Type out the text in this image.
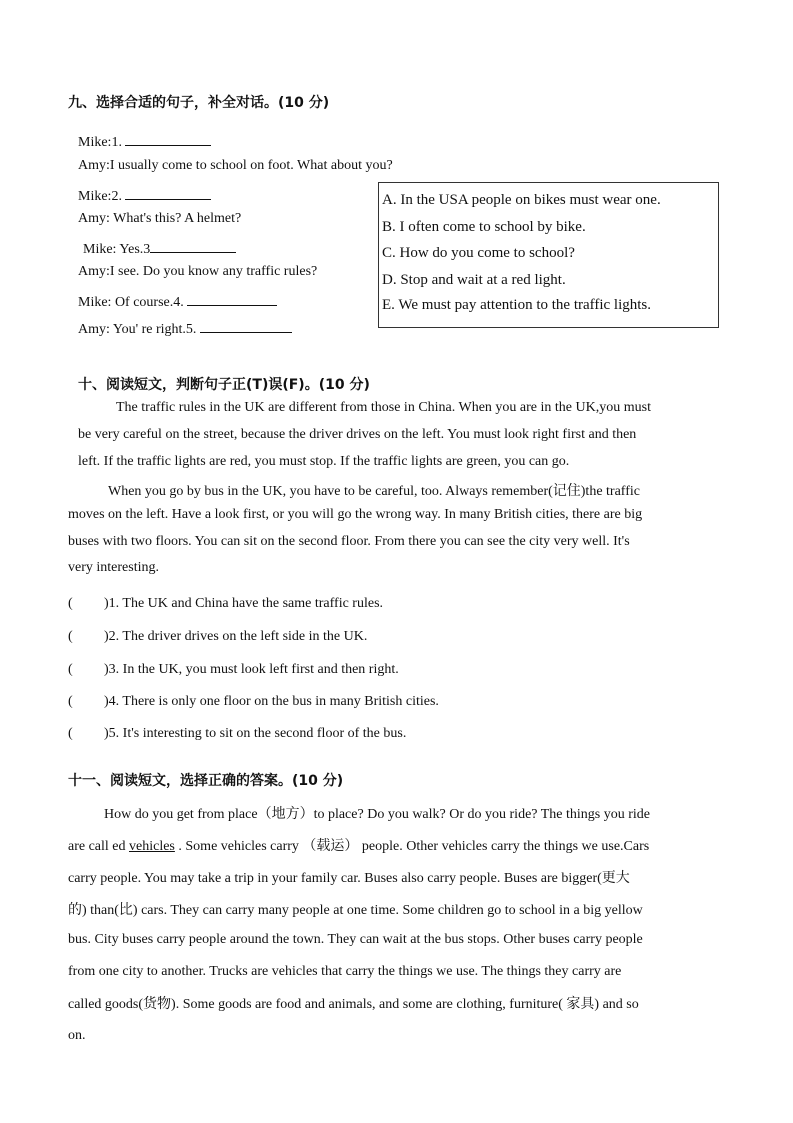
九、选择合适的句子，补全对话。(10 分)
Mike:1.
Amy:I usually come to school on foot. What about you?
Mike:2.
Amy: What's this? A helmet?
Mike: Yes.3
Amy:I see. Do you know any traffic rules?
Mike: Of course.4.
Amy: You' re right.5.
A. In the USA people on bikes must wear one.
B. I often come to school by bike.
C. How do you come to school?
D. Stop and wait at a red light.
E. We must pay attention to the traffic lights.
十、阅读短文，判断句子正(T)误(F)。(10 分)
The traffic rules in the UK are different from those in China. When you are in the UK,you must
be very careful on the street, because the driver drives on the left. You must look right first and then
left. If the traffic lights are red, you must stop. If the traffic lights are green, you can go.
When you go by bus in the UK, you have to be careful, too. Always remember(记住)the traffic
moves on the left. Have a look first, or you will go the wrong way. In many British cities, there are big
buses with two floors. You can sit on the second floor. From there you can see the city very well. It's
very interesting.
( )1. The UK and China have the same traffic rules.
( )2. The driver drives on the left side in the UK.
( )3. In the UK, you must look left first and then right.
( )4. There is only one floor on the bus in many British cities.
( )5. It's interesting to sit on the second floor of the bus.
十一、阅读短文，选择正确的答案。(10 分)
How do you get from place（地方）to place? Do you walk? Or do you ride? The things you ride
are call ed vehicles . Some vehicles carry （载运） people. Other vehicles carry the things we use.Cars
carry people. You may take a trip in your family car. Buses also carry people. Buses are bigger(更大
的) than(比) cars. They can carry many people at one time. Some children go to school in a big yellow
bus. City buses carry people around the town. They can wait at the bus stops. Other buses carry people
from one city to another. Trucks are vehicles that carry the things we use. The things they carry are
called goods(货物). Some goods are food and animals, and some are clothing, furniture( 家具) and so
on.
